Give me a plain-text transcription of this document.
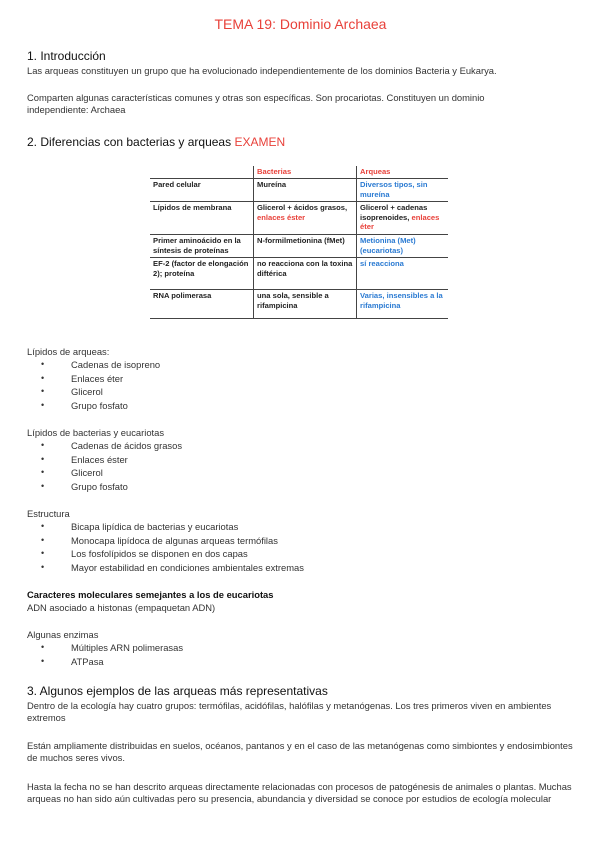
TEMA 19: Dominio Archaea
1. Introducción
Las arqueas constituyen un grupo que ha evolucionado independientemente de los dominios Bacteria y Eukarya.
Comparten algunas características comunes y otras son específicas. Son procariotas. Constituyen un dominio independiente: Archaea
2. Diferencias con bacterias y arqueas EXAMEN
	Bacterias	Arqueas
Pared celular	Mureína	Diversos tipos, sin mureína
Lípidos de membrana	Glicerol + ácidos grasos, enlaces éster	Glicerol + cadenas isoprenoides, enlaces éter
Primer aminoácido en la síntesis de proteínas	N-formilmetionina (fMet)	Metionina (Met) (eucariotas)
EF-2 (factor de elongación 2); proteína	no reacciona con la toxina diftérica	sí reacciona
RNA polimerasa	una sola, sensible a rifampicina	Varias, insensibles a la rifampicina
Lípidos de arqueas:
•	Cadenas de isopreno
•	Enlaces éter
•	Glicerol
•	Grupo fosfato
Lípidos de bacterias y eucariotas
•	Cadenas de ácidos grasos
•	Enlaces éster
•	Glicerol
•	Grupo fosfato
Estructura
•	Bicapa lipídica de bacterias y eucariotas
•	Monocapa lipídoca de algunas arqueas termófilas
•	Los fosfolípidos se disponen en dos capas
•	Mayor estabilidad en condiciones ambientales extremas
Caracteres moleculares semejantes a los de eucariotas
ADN asociado a histonas (empaquetan ADN)
Algunas enzimas
•	Múltiples ARN polimerasas
•	ATPasa
3. Algunos ejemplos de las arqueas más representativas
Dentro de la ecología hay cuatro grupos: termófilas, acidófilas, halófilas y metanógenas. Los tres primeros viven en ambientes extremos
Están ampliamente distribuidas en suelos, océanos, pantanos y en el caso de las metanógenas como simbiontes y endosimbiontes de muchos seres vivos.
Hasta la fecha no se han descrito arqueas directamente relacionadas con procesos de patogénesis de animales o plantas. Muchas arqueas no han sido aún cultivadas pero su presencia, abundancia y diversidad se conoce por estudios de ecología molecular
